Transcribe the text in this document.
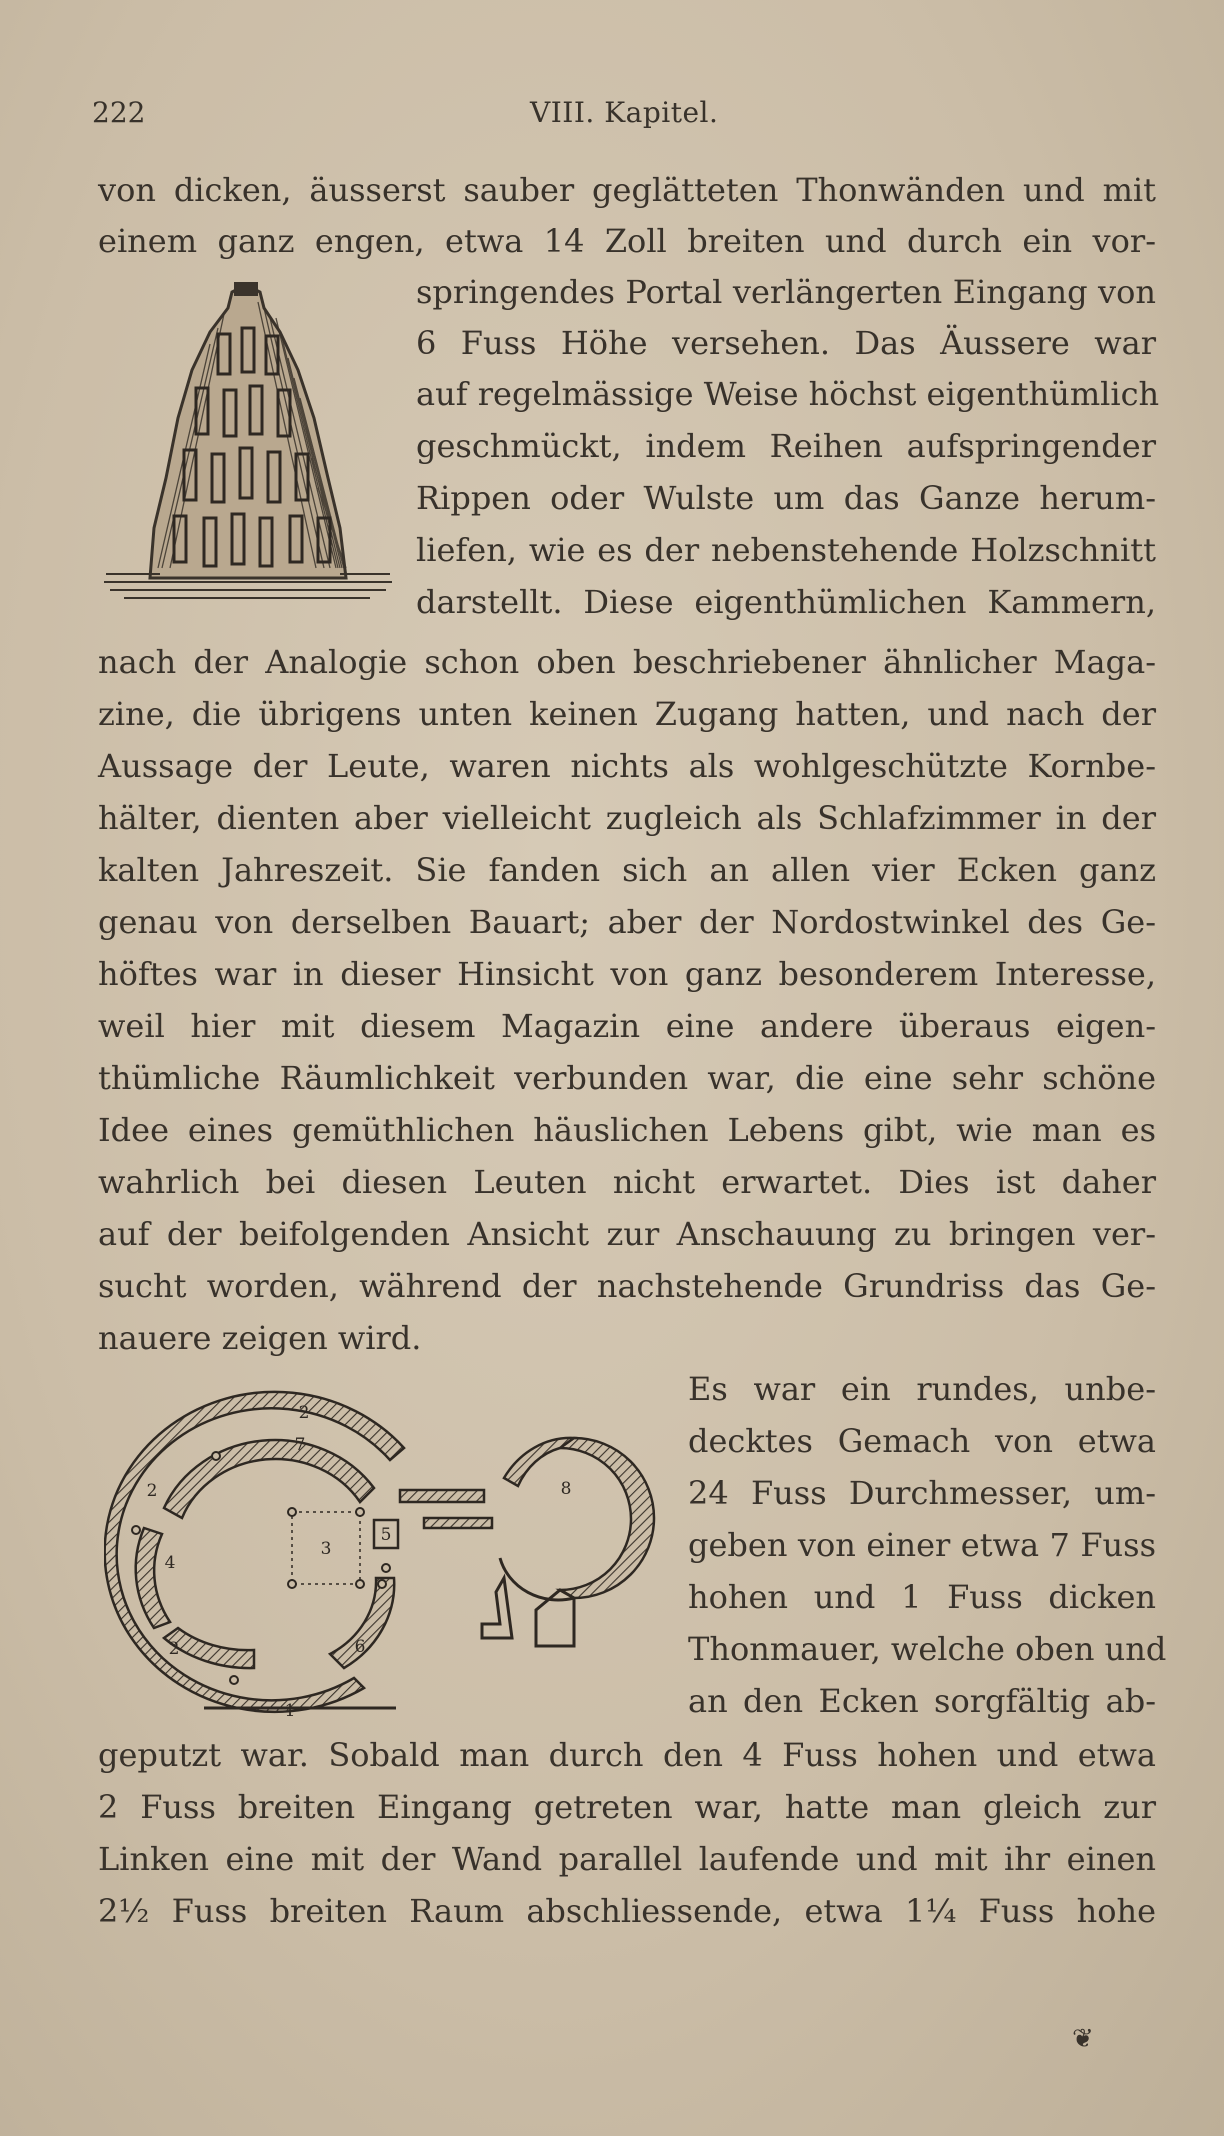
222	VIII. Kapitel.
von dicken, äusserst sauber geglätteten Thonwänden und mit
einem ganz engen, etwa 14 Zoll breiten und durch ein vor-
springendes Portal verlängerten Eingang von
6 Fuss Höhe versehen. Das Äussere war
auf regelmässige Weise höchst eigenthümlich
geschmückt, indem Reihen aufspringender
Rippen oder Wulste um das Ganze herum-
liefen, wie es der nebenstehende Holzschnitt
darstellt. Diese eigenthümlichen Kammern,
nach der Analogie schon oben beschriebener ähnlicher Maga-
zine, die übrigens unten keinen Zugang hatten, und nach der
Aussage der Leute, waren nichts als wohlgeschützte Kornbe-
hälter, dienten aber vielleicht zugleich als Schlafzimmer in der
kalten Jahreszeit. Sie fanden sich an allen vier Ecken ganz
genau von derselben Bauart; aber der Nordostwinkel des Ge-
höftes war in dieser Hinsicht von ganz besonderem Interesse,
weil hier mit diesem Magazin eine andere überaus eigen-
thümliche Räumlichkeit verbunden war, die eine sehr schöne
Idee eines gemüthlichen häuslichen Lebens gibt, wie man es
wahrlich bei diesen Leuten nicht erwartet. Dies ist daher
auf der beifolgenden Ansicht zur Anschauung zu bringen ver-
sucht worden, während der nachstehende Grundriss das Ge-
nauere zeigen wird.
2
2
2
1
3
4
5
6
8
7
Es war ein rundes, unbe-
decktes Gemach von etwa
24 Fuss Durchmesser, um-
geben von einer etwa 7 Fuss
hohen und 1 Fuss dicken
Thonmauer, welche oben und
an den Ecken sorgfältig ab-
geputzt war. Sobald man durch den 4 Fuss hohen und etwa
2 Fuss breiten Eingang getreten war, hatte man gleich zur
Linken eine mit der Wand parallel laufende und mit ihr einen
2½ Fuss breiten Raum abschliessende, etwa 1¼ Fuss hohe
❦
